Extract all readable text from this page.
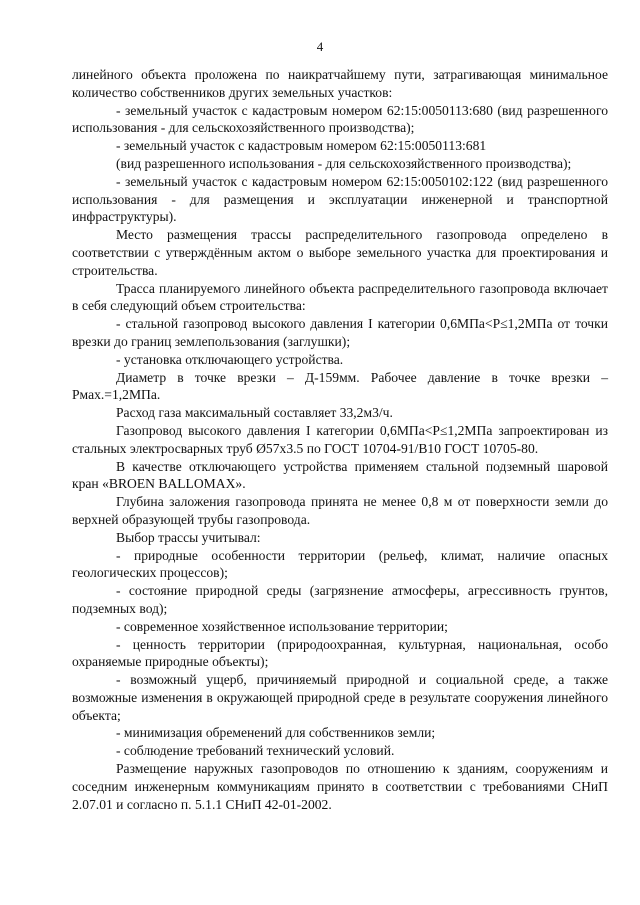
4

линейного объекта проложена по наикратчайшему пути, затрагивающая минимальное количество собственников других земельных участков:

- земельный участок с кадастровым номером 62:15:0050113:680 (вид разрешенного использования - для сельскохозяйственного производства);

- земельный участок с кадастровым номером 62:15:0050113:681

(вид разрешенного использования - для сельскохозяйственного производства);

- земельный участок с кадастровым номером 62:15:0050102:122 (вид разрешенного использования - для размещения и эксплуатации инженерной и транспортной инфраструктуры).

Место размещения трассы распределительного газопровода определено в соответствии с утверждённым актом о выборе земельного участка для проектирования и строительства.

Трасса планируемого линейного объекта распределительного газопровода включает в себя следующий объем строительства:

- стальной газопровод высокого давления I категории 0,6МПа<Р≤1,2МПа от точки врезки до границ землепользования (заглушки);

- установка отключающего устройства.

Диаметр в точке врезки – Д-159мм. Рабочее давление в точке врезки – Рмах.=1,2МПа.

Расход газа максимальный составляет 33,2м3/ч.

Газопровод высокого давления I категории 0,6МПа<Р≤1,2МПа запроектирован из стальных электросварных труб Ø57х3.5 по ГОСТ 10704-91/В10 ГОСТ 10705-80.

В качестве отключающего устройства применяем стальной подземный шаровой кран «BROEN BALLOMAX».

Глубина заложения газопровода принята не менее 0,8 м от поверхности земли до верхней образующей трубы газопровода.

Выбор трассы учитывал:

- природные особенности территории (рельеф, климат, наличие опасных геологических процессов);

- состояние природной среды (загрязнение атмосферы, агрессивность грунтов, подземных вод);

- современное хозяйственное использование территории;

- ценность территории (природоохранная, культурная, национальная, особо охраняемые природные объекты);

- возможный ущерб, причиняемый природной и социальной среде, а также возможные изменения в окружающей природной среде в результате сооружения линейного объекта;

- минимизация обременений для собственников земли;

- соблюдение требований технический условий.

Размещение наружных газопроводов по отношению к зданиям, сооружениям и соседним инженерным коммуникациям принято в соответствии с требованиями СНиП 2.07.01 и согласно п. 5.1.1 СНиП 42-01-2002.
